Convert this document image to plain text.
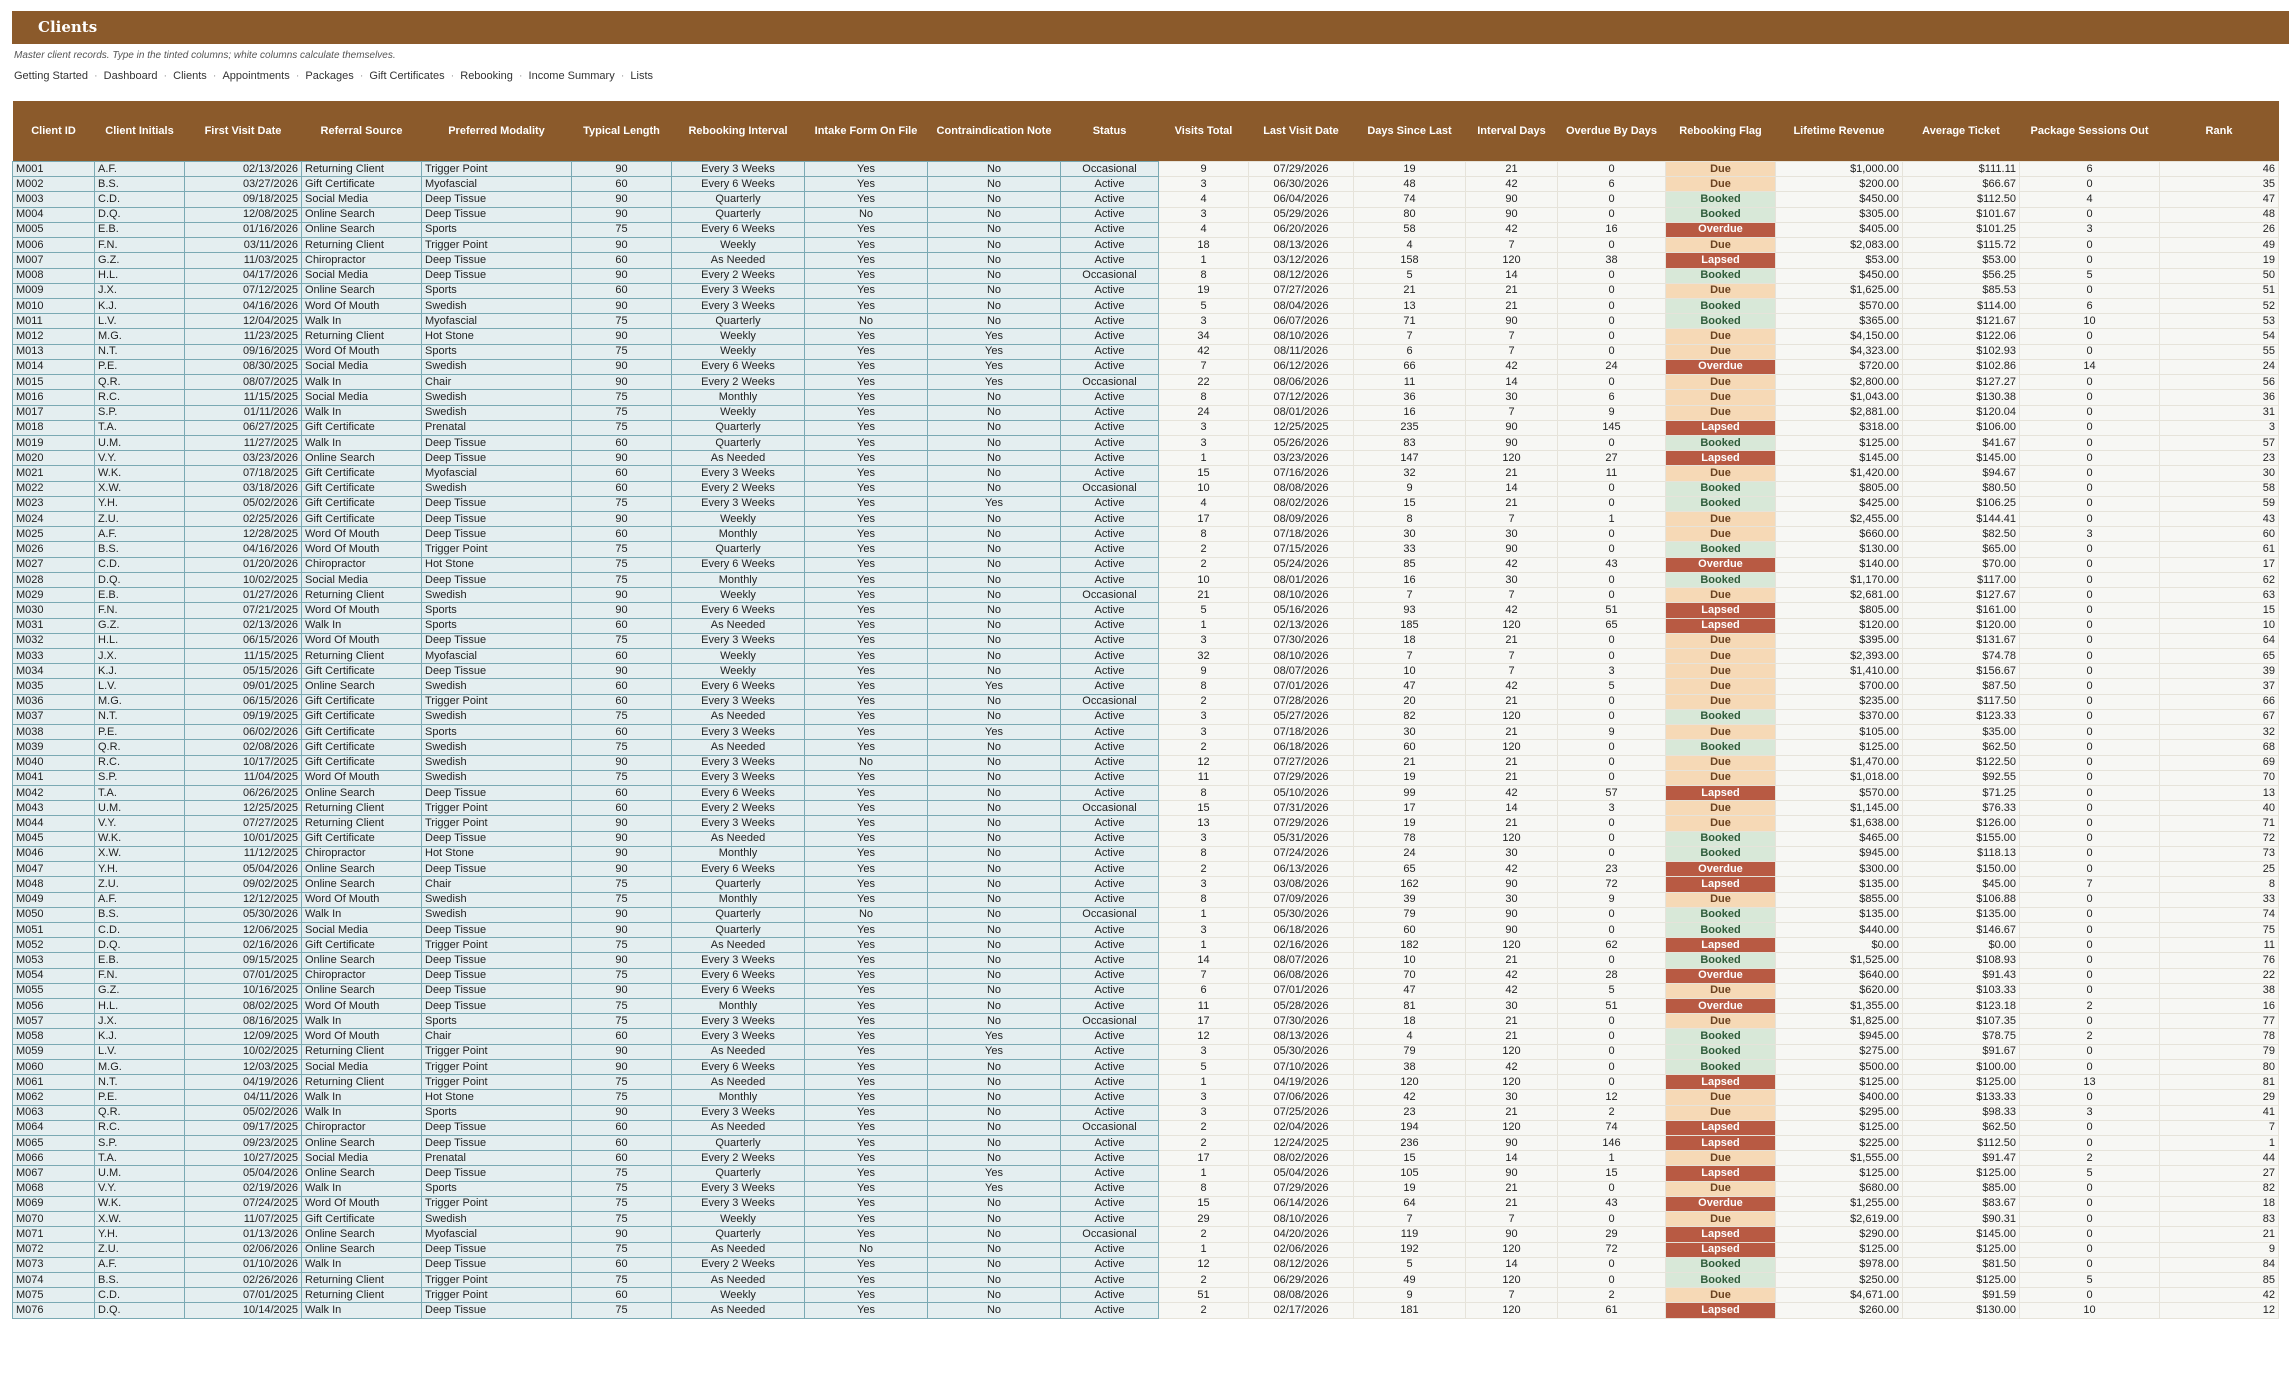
Clients
Master client records. Type in the tinted columns; white columns calculate themselves.
Getting Started · Dashboard · Clients · Appointments · Packages · Gift Certificates · Rebooking · Income Summary · Lists
Client ID	Client Initials	First Visit Date	Referral Source	Preferred Modality	Typical Length	Rebooking Interval	Intake Form On File	Contraindication Note	Status	Visits Total	Last Visit Date	Days Since Last	Interval Days	Overdue By Days	Rebooking Flag	Lifetime Revenue	Average Ticket	Package Sessions Out	Rank
M001	A.F.	02/13/2026	Returning Client	Trigger Point	90	Every 3 Weeks	Yes	No	Occasional	9	07/29/2026	19	21	0	Due	$1,000.00	$111.11	6	46
M002	B.S.	03/27/2026	Gift Certificate	Myofascial	60	Every 6 Weeks	Yes	No	Active	3	06/30/2026	48	42	6	Due	$200.00	$66.67	0	35
M003	C.D.	09/18/2025	Social Media	Deep Tissue	90	Quarterly	Yes	No	Active	4	06/04/2026	74	90	0	Booked	$450.00	$112.50	4	47
M004	D.Q.	12/08/2025	Online Search	Deep Tissue	90	Quarterly	No	No	Active	3	05/29/2026	80	90	0	Booked	$305.00	$101.67	0	48
M005	E.B.	01/16/2026	Online Search	Sports	75	Every 6 Weeks	Yes	No	Active	4	06/20/2026	58	42	16	Overdue	$405.00	$101.25	3	26
M006	F.N.	03/11/2026	Returning Client	Trigger Point	90	Weekly	Yes	No	Active	18	08/13/2026	4	7	0	Due	$2,083.00	$115.72	0	49
M007	G.Z.	11/03/2025	Chiropractor	Deep Tissue	60	As Needed	Yes	No	Active	1	03/12/2026	158	120	38	Lapsed	$53.00	$53.00	0	19
M008	H.L.	04/17/2026	Social Media	Deep Tissue	90	Every 2 Weeks	Yes	No	Occasional	8	08/12/2026	5	14	0	Booked	$450.00	$56.25	5	50
M009	J.X.	07/12/2025	Online Search	Sports	60	Every 3 Weeks	Yes	No	Active	19	07/27/2026	21	21	0	Due	$1,625.00	$85.53	0	51
M010	K.J.	04/16/2026	Word Of Mouth	Swedish	90	Every 3 Weeks	Yes	No	Active	5	08/04/2026	13	21	0	Booked	$570.00	$114.00	6	52
M011	L.V.	12/04/2025	Walk In	Myofascial	75	Quarterly	No	No	Active	3	06/07/2026	71	90	0	Booked	$365.00	$121.67	10	53
M012	M.G.	11/23/2025	Returning Client	Hot Stone	90	Weekly	Yes	Yes	Active	34	08/10/2026	7	7	0	Due	$4,150.00	$122.06	0	54
M013	N.T.	09/16/2025	Word Of Mouth	Sports	75	Weekly	Yes	Yes	Active	42	08/11/2026	6	7	0	Due	$4,323.00	$102.93	0	55
M014	P.E.	08/30/2025	Social Media	Swedish	90	Every 6 Weeks	Yes	Yes	Active	7	06/12/2026	66	42	24	Overdue	$720.00	$102.86	14	24
M015	Q.R.	08/07/2025	Walk In	Chair	90	Every 2 Weeks	Yes	Yes	Occasional	22	08/06/2026	11	14	0	Due	$2,800.00	$127.27	0	56
M016	R.C.	11/15/2025	Social Media	Swedish	75	Monthly	Yes	No	Active	8	07/12/2026	36	30	6	Due	$1,043.00	$130.38	0	36
M017	S.P.	01/11/2026	Walk In	Swedish	75	Weekly	Yes	No	Active	24	08/01/2026	16	7	9	Due	$2,881.00	$120.04	0	31
M018	T.A.	06/27/2025	Gift Certificate	Prenatal	75	Quarterly	Yes	No	Active	3	12/25/2025	235	90	145	Lapsed	$318.00	$106.00	0	3
M019	U.M.	11/27/2025	Walk In	Deep Tissue	60	Quarterly	Yes	No	Active	3	05/26/2026	83	90	0	Booked	$125.00	$41.67	0	57
M020	V.Y.	03/23/2026	Online Search	Deep Tissue	90	As Needed	Yes	No	Active	1	03/23/2026	147	120	27	Lapsed	$145.00	$145.00	0	23
M021	W.K.	07/18/2025	Gift Certificate	Myofascial	60	Every 3 Weeks	Yes	No	Active	15	07/16/2026	32	21	11	Due	$1,420.00	$94.67	0	30
M022	X.W.	03/18/2026	Gift Certificate	Swedish	60	Every 2 Weeks	Yes	No	Occasional	10	08/08/2026	9	14	0	Booked	$805.00	$80.50	0	58
M023	Y.H.	05/02/2026	Gift Certificate	Deep Tissue	75	Every 3 Weeks	Yes	Yes	Active	4	08/02/2026	15	21	0	Booked	$425.00	$106.25	0	59
M024	Z.U.	02/25/2026	Gift Certificate	Deep Tissue	90	Weekly	Yes	No	Active	17	08/09/2026	8	7	1	Due	$2,455.00	$144.41	0	43
M025	A.F.	12/28/2025	Word Of Mouth	Deep Tissue	60	Monthly	Yes	No	Active	8	07/18/2026	30	30	0	Due	$660.00	$82.50	3	60
M026	B.S.	04/16/2026	Word Of Mouth	Trigger Point	75	Quarterly	Yes	No	Active	2	07/15/2026	33	90	0	Booked	$130.00	$65.00	0	61
M027	C.D.	01/20/2026	Chiropractor	Hot Stone	75	Every 6 Weeks	Yes	No	Active	2	05/24/2026	85	42	43	Overdue	$140.00	$70.00	0	17
M028	D.Q.	10/02/2025	Social Media	Deep Tissue	75	Monthly	Yes	No	Active	10	08/01/2026	16	30	0	Booked	$1,170.00	$117.00	0	62
M029	E.B.	01/27/2026	Returning Client	Swedish	90	Weekly	Yes	No	Occasional	21	08/10/2026	7	7	0	Due	$2,681.00	$127.67	0	63
M030	F.N.	07/21/2025	Word Of Mouth	Sports	90	Every 6 Weeks	Yes	No	Active	5	05/16/2026	93	42	51	Lapsed	$805.00	$161.00	0	15
M031	G.Z.	02/13/2026	Walk In	Sports	60	As Needed	Yes	No	Active	1	02/13/2026	185	120	65	Lapsed	$120.00	$120.00	0	10
M032	H.L.	06/15/2026	Word Of Mouth	Deep Tissue	75	Every 3 Weeks	Yes	No	Active	3	07/30/2026	18	21	0	Due	$395.00	$131.67	0	64
M033	J.X.	11/15/2025	Returning Client	Myofascial	60	Weekly	Yes	No	Active	32	08/10/2026	7	7	0	Due	$2,393.00	$74.78	0	65
M034	K.J.	05/15/2026	Gift Certificate	Deep Tissue	90	Weekly	Yes	No	Active	9	08/07/2026	10	7	3	Due	$1,410.00	$156.67	0	39
M035	L.V.	09/01/2025	Online Search	Swedish	60	Every 6 Weeks	Yes	Yes	Active	8	07/01/2026	47	42	5	Due	$700.00	$87.50	0	37
M036	M.G.	06/15/2026	Gift Certificate	Trigger Point	60	Every 3 Weeks	Yes	No	Occasional	2	07/28/2026	20	21	0	Due	$235.00	$117.50	0	66
M037	N.T.	09/19/2025	Gift Certificate	Swedish	75	As Needed	Yes	No	Active	3	05/27/2026	82	120	0	Booked	$370.00	$123.33	0	67
M038	P.E.	06/02/2026	Gift Certificate	Sports	60	Every 3 Weeks	Yes	Yes	Active	3	07/18/2026	30	21	9	Due	$105.00	$35.00	0	32
M039	Q.R.	02/08/2026	Gift Certificate	Swedish	75	As Needed	Yes	No	Active	2	06/18/2026	60	120	0	Booked	$125.00	$62.50	0	68
M040	R.C.	10/17/2025	Gift Certificate	Swedish	90	Every 3 Weeks	No	No	Active	12	07/27/2026	21	21	0	Due	$1,470.00	$122.50	0	69
M041	S.P.	11/04/2025	Word Of Mouth	Swedish	75	Every 3 Weeks	Yes	No	Active	11	07/29/2026	19	21	0	Due	$1,018.00	$92.55	0	70
M042	T.A.	06/26/2025	Online Search	Deep Tissue	60	Every 6 Weeks	Yes	No	Active	8	05/10/2026	99	42	57	Lapsed	$570.00	$71.25	0	13
M043	U.M.	12/25/2025	Returning Client	Trigger Point	60	Every 2 Weeks	Yes	No	Occasional	15	07/31/2026	17	14	3	Due	$1,145.00	$76.33	0	40
M044	V.Y.	07/27/2025	Returning Client	Trigger Point	90	Every 3 Weeks	Yes	No	Active	13	07/29/2026	19	21	0	Due	$1,638.00	$126.00	0	71
M045	W.K.	10/01/2025	Gift Certificate	Deep Tissue	90	As Needed	Yes	No	Active	3	05/31/2026	78	120	0	Booked	$465.00	$155.00	0	72
M046	X.W.	11/12/2025	Chiropractor	Hot Stone	90	Monthly	Yes	No	Active	8	07/24/2026	24	30	0	Booked	$945.00	$118.13	0	73
M047	Y.H.	05/04/2026	Online Search	Deep Tissue	90	Every 6 Weeks	Yes	No	Active	2	06/13/2026	65	42	23	Overdue	$300.00	$150.00	0	25
M048	Z.U.	09/02/2025	Online Search	Chair	75	Quarterly	Yes	No	Active	3	03/08/2026	162	90	72	Lapsed	$135.00	$45.00	7	8
M049	A.F.	12/12/2025	Word Of Mouth	Swedish	75	Monthly	Yes	No	Active	8	07/09/2026	39	30	9	Due	$855.00	$106.88	0	33
M050	B.S.	05/30/2026	Walk In	Swedish	90	Quarterly	No	No	Occasional	1	05/30/2026	79	90	0	Booked	$135.00	$135.00	0	74
M051	C.D.	12/06/2025	Social Media	Deep Tissue	90	Quarterly	Yes	No	Active	3	06/18/2026	60	90	0	Booked	$440.00	$146.67	0	75
M052	D.Q.	02/16/2026	Gift Certificate	Trigger Point	75	As Needed	Yes	No	Active	1	02/16/2026	182	120	62	Lapsed	$0.00	$0.00	0	11
M053	E.B.	09/15/2025	Online Search	Deep Tissue	90	Every 3 Weeks	Yes	No	Active	14	08/07/2026	10	21	0	Booked	$1,525.00	$108.93	0	76
M054	F.N.	07/01/2025	Chiropractor	Deep Tissue	75	Every 6 Weeks	Yes	No	Active	7	06/08/2026	70	42	28	Overdue	$640.00	$91.43	0	22
M055	G.Z.	10/16/2025	Online Search	Deep Tissue	90	Every 6 Weeks	Yes	No	Active	6	07/01/2026	47	42	5	Due	$620.00	$103.33	0	38
M056	H.L.	08/02/2025	Word Of Mouth	Deep Tissue	75	Monthly	Yes	No	Active	11	05/28/2026	81	30	51	Overdue	$1,355.00	$123.18	2	16
M057	J.X.	08/16/2025	Walk In	Sports	75	Every 3 Weeks	Yes	No	Occasional	17	07/30/2026	18	21	0	Due	$1,825.00	$107.35	0	77
M058	K.J.	12/09/2025	Word Of Mouth	Chair	60	Every 3 Weeks	Yes	Yes	Active	12	08/13/2026	4	21	0	Booked	$945.00	$78.75	2	78
M059	L.V.	10/02/2025	Returning Client	Trigger Point	90	As Needed	Yes	Yes	Active	3	05/30/2026	79	120	0	Booked	$275.00	$91.67	0	79
M060	M.G.	12/03/2025	Social Media	Trigger Point	90	Every 6 Weeks	Yes	No	Active	5	07/10/2026	38	42	0	Booked	$500.00	$100.00	0	80
M061	N.T.	04/19/2026	Returning Client	Trigger Point	75	As Needed	Yes	No	Active	1	04/19/2026	120	120	0	Lapsed	$125.00	$125.00	13	81
M062	P.E.	04/11/2026	Walk In	Hot Stone	75	Monthly	Yes	No	Active	3	07/06/2026	42	30	12	Due	$400.00	$133.33	0	29
M063	Q.R.	05/02/2026	Walk In	Sports	90	Every 3 Weeks	Yes	No	Active	3	07/25/2026	23	21	2	Due	$295.00	$98.33	3	41
M064	R.C.	09/17/2025	Chiropractor	Deep Tissue	60	As Needed	Yes	No	Occasional	2	02/04/2026	194	120	74	Lapsed	$125.00	$62.50	0	7
M065	S.P.	09/23/2025	Online Search	Deep Tissue	60	Quarterly	Yes	No	Active	2	12/24/2025	236	90	146	Lapsed	$225.00	$112.50	0	1
M066	T.A.	10/27/2025	Social Media	Prenatal	60	Every 2 Weeks	Yes	No	Active	17	08/02/2026	15	14	1	Due	$1,555.00	$91.47	2	44
M067	U.M.	05/04/2026	Online Search	Deep Tissue	75	Quarterly	Yes	Yes	Active	1	05/04/2026	105	90	15	Lapsed	$125.00	$125.00	5	27
M068	V.Y.	02/19/2026	Walk In	Sports	75	Every 3 Weeks	Yes	Yes	Active	8	07/29/2026	19	21	0	Due	$680.00	$85.00	0	82
M069	W.K.	07/24/2025	Word Of Mouth	Trigger Point	75	Every 3 Weeks	Yes	No	Active	15	06/14/2026	64	21	43	Overdue	$1,255.00	$83.67	0	18
M070	X.W.	11/07/2025	Gift Certificate	Swedish	75	Weekly	Yes	No	Active	29	08/10/2026	7	7	0	Due	$2,619.00	$90.31	0	83
M071	Y.H.	01/13/2026	Online Search	Myofascial	90	Quarterly	Yes	No	Occasional	2	04/20/2026	119	90	29	Lapsed	$290.00	$145.00	0	21
M072	Z.U.	02/06/2026	Online Search	Deep Tissue	75	As Needed	No	No	Active	1	02/06/2026	192	120	72	Lapsed	$125.00	$125.00	0	9
M073	A.F.	01/10/2026	Walk In	Deep Tissue	60	Every 2 Weeks	Yes	No	Active	12	08/12/2026	5	14	0	Booked	$978.00	$81.50	0	84
M074	B.S.	02/26/2026	Returning Client	Trigger Point	75	As Needed	Yes	No	Active	2	06/29/2026	49	120	0	Booked	$250.00	$125.00	5	85
M075	C.D.	07/01/2025	Returning Client	Trigger Point	60	Weekly	Yes	No	Active	51	08/08/2026	9	7	2	Due	$4,671.00	$91.59	0	42
M076	D.Q.	10/14/2025	Walk In	Deep Tissue	75	As Needed	Yes	No	Active	2	02/17/2026	181	120	61	Lapsed	$260.00	$130.00	10	12
